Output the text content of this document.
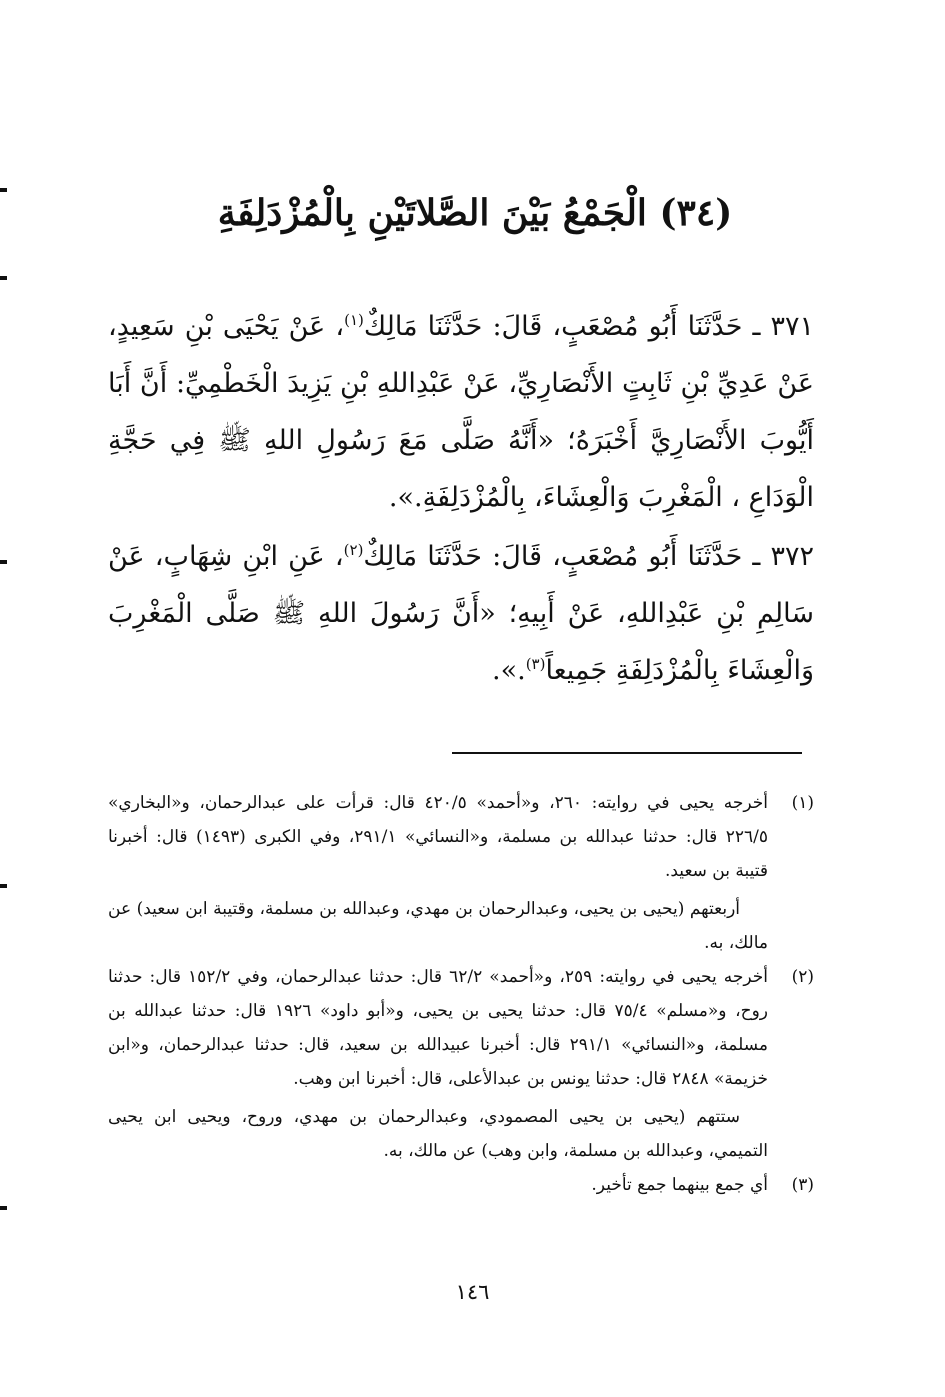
(٣٤) الْجَمْعُ بَيْنَ الصَّلاتَيْنِ بِالْمُزْدَلِفَةِ

٣٧١ ـ حَدَّثَنَا أَبُو مُصْعَبٍ، قَالَ: حَدَّثَنَا مَالِكٌ$^{(١)}$، عَنْ يَحْيَى بْنِ سَعِيدٍ، عَنْ عَدِيِّ بْنِ ثَابِتٍ الأَنْصَارِيِّ، عَنْ عَبْدِاللهِ بْنِ يَزِيدَ الْخَطْمِيِّ: أَنَّ أَبَا أَيُّوبَ الأَنْصَارِيَّ أَخْبَرَهُ؛ «أَنَّهُ صَلَّى مَعَ رَسُولِ اللهِ ﷺ فِي حَجَّةِ الْوَدَاعِ ، الْمَغْرِبَ وَالْعِشَاءَ، بِالْمُزْدَلِفَةِ.».

٣٧٢ ـ حَدَّثَنَا أَبُو مُصْعَبٍ، قَالَ: حَدَّثَنَا مَالِكٌ$^{(٢)}$، عَنِ ابْنِ شِهَابٍ، عَنْ سَالِمِ بْنِ عَبْدِاللهِ، عَنْ أَبِيهِ؛ «أَنَّ رَسُولَ اللهِ ﷺ صَلَّى الْمَغْرِبَ وَالْعِشَاءَ بِالْمُزْدَلِفَةِ جَمِيعاً$^{(٣)}$.».

(١)

أخرجه يحيى في روايته: ٢٦٠، و«أحمد» ٤٢٠/٥ قال: قرأت على عبدالرحمان، و«البخاري» ٢٢٦/٥ قال: حدثنا عبدالله بن مسلمة، و«النسائي» ٢٩١/١، وفي الكبرى (١٤٩٣) قال: أخبرنا قتيبة بن سعيد.

أربعتهم (يحيى بن يحيى، وعبدالرحمان بن مهدي، وعبدالله بن مسلمة، وقتيبة ابن سعيد) عن مالك، به.

(٢)

أخرجه يحيى في روايته: ٢٥٩، و«أحمد» ٦٢/٢ قال: حدثنا عبدالرحمان، وفي ١٥٢/٢ قال: حدثنا روح، و«مسلم» ٧٥/٤ قال: حدثنا يحيى بن يحيى، و«أبو داود» ١٩٢٦ قال: حدثنا عبدالله بن مسلمة، و«النسائي» ٢٩١/١ قال: أخبرنا عبيدالله بن سعيد، قال: حدثنا عبدالرحمان، و«ابن خزيمة» ٢٨٤٨ قال: حدثنا يونس بن عبدالأعلى، قال: أخبرنا ابن وهب.

ستتهم (يحيى بن يحيى المصمودي، وعبدالرحمان بن مهدي، وروح، ويحيى ابن يحيى التميمي، وعبدالله بن مسلمة، وابن وهب) عن مالك، به.

(٣)

أي جمع بينهما جمع تأخير.

١٤٦
